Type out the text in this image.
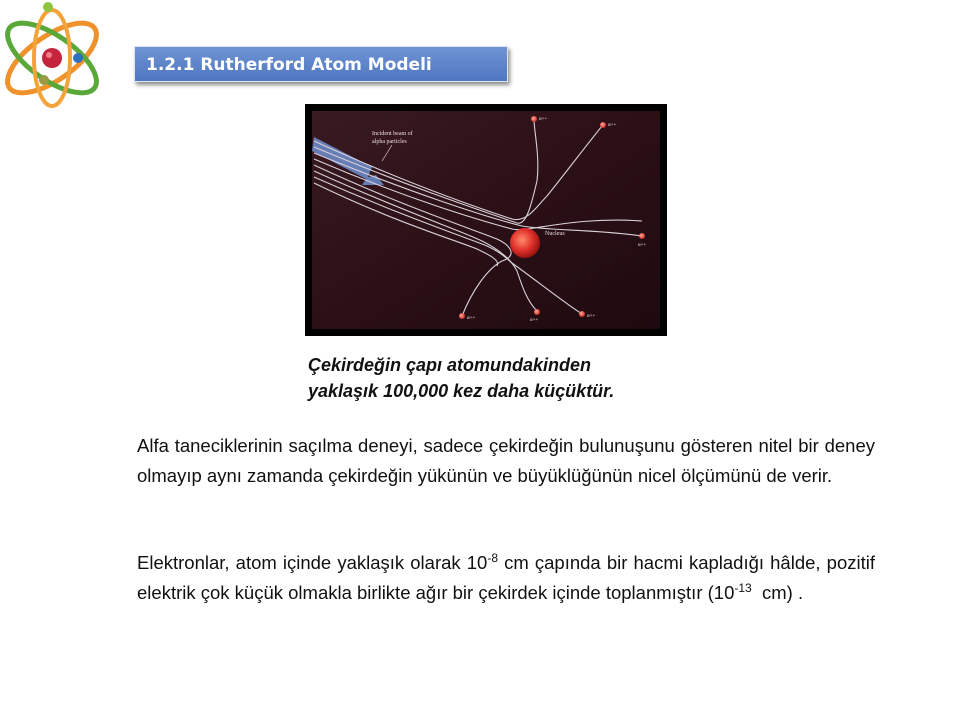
1.2.1 Rutherford Atom Modeli
Nucleus
Incident beam of
alpha particles
α++
α++
α++
α++	α++
α++
Çekirdeğin çapı atomundakinden
yaklaşık 100,000 kez daha küçüktür.

Alfa taneciklerinin saçılma deneyi, sadece çekirdeğin bulunuşunu gösteren nitel bir deney olmayıp aynı zamanda çekirdeğin yükünün ve büyüklüğünün nicel ölçümünü de verir.

Elektronlar, atom içinde yaklaşık olarak $10^{-8}$ cm çapında bir hacmi kapladığı hâlde, pozitif elektrik çok küçük olmakla birlikte ağır bir çekirdek içinde toplanmıştır ($10^{-13}$  cm) .
